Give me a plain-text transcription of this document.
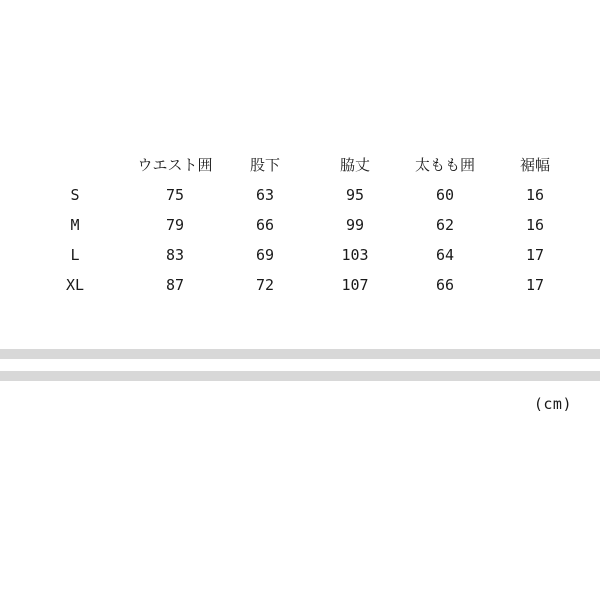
	ウエスト囲	股下	脇丈	太もも囲	裾幅
S	75	63	95	60	16
M	79	66	99	62	16
L	83	69	103	64	17
XL	87	72	107	66	17
(cm)
